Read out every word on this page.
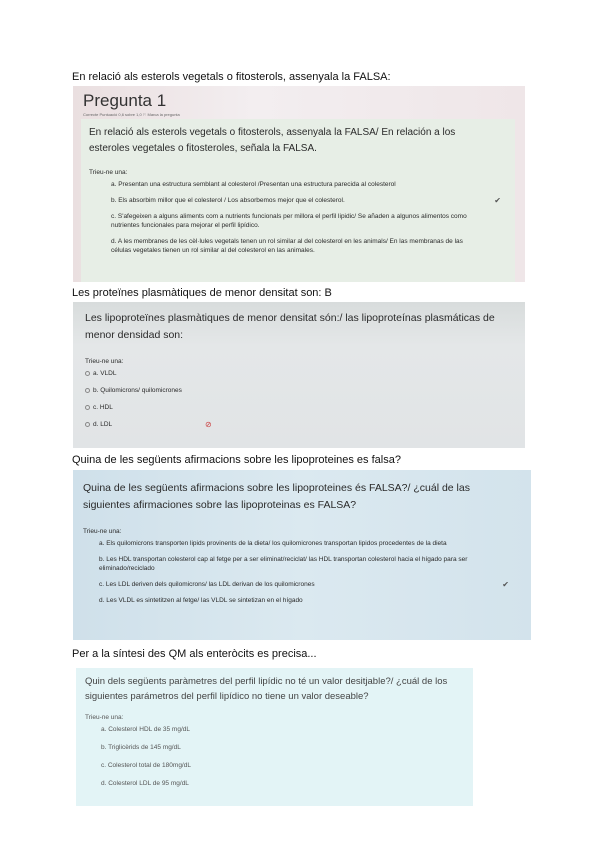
En relació als esterols vegetals o fitosterols, assenyala la FALSA:
Pregunta 1
Correcte Puntuació 0,6 sobre 1,0 ⚐ Marca la pregunta
En relació als esterols vegetals o fitosterols, assenyala la FALSA/ En relación a los esteroles vegetales o fitosteroles, señala la FALSA.
Trieu-ne una:
a. Presentan una estructura semblant al colesterol /Presentan una estructura parecida al colesterol
b. Els absorbim millor que el colesterol / Los absorbemos mejor que el colesterol.	✔
c. S'afegeixen a alguns aliments com a nutrients funcionals per millora el perfil lipidic/ Se añaden a algunos alimentos como nutrientes funcionales para mejorar el perfil lipídico.
d. A les membranes de les cèl·lules vegetals tenen un rol similar al del colesterol en les animals/ En las membranas de las células vegetales tienen un rol similar al del colesterol en las animales.
Les proteïnes plasmàtiques de menor densitat son: B
Les lipoproteïnes plasmàtiques de menor densitat són:/ las lipoproteínas plasmáticas de menor densidad son:
Trieu-ne una:
a. VLDL
b. Quilomicrons/ quilomicrones
c. HDL
d. LDL	⊘
Quina de les següents afirmacions sobre les lipoproteines es falsa?
Quina de les següents afirmacions sobre les lipoproteines és FALSA?/ ¿cuál de las siguientes afirmaciones sobre las lipoproteinas es FALSA?
Trieu-ne una:
a. Els quilomicrons transporten lipids provinents de la dieta/ los quilomicrones transportan lipidos procedentes de la dieta
b. Les HDL transportan colesterol cap al fetge per a ser eliminat/reciclat/ las HDL transportan colesterol hacia el hígado para ser eliminado/reciclado
c. Les LDL deriven dels quilomicrons/ las LDL derivan de los quilomicrones	✔
d. Les VLDL es sintetitzen al fetge/ las VLDL se sintetizan en el hígado
Per a la síntesi des QM als enteròcits es precisa...
Quin dels següents paràmetres del perfil lipídic no té un valor desitjable?/ ¿cuál de los siguientes parámetros del perfil lipídico no tiene un valor deseable?
Trieu-ne una:
a. Colesterol HDL de 35 mg/dL
b. Triglicèrids de 145 mg/dL
c. Colesterol total de 180mg/dL
d. Colesterol LDL de 95 mg/dL
